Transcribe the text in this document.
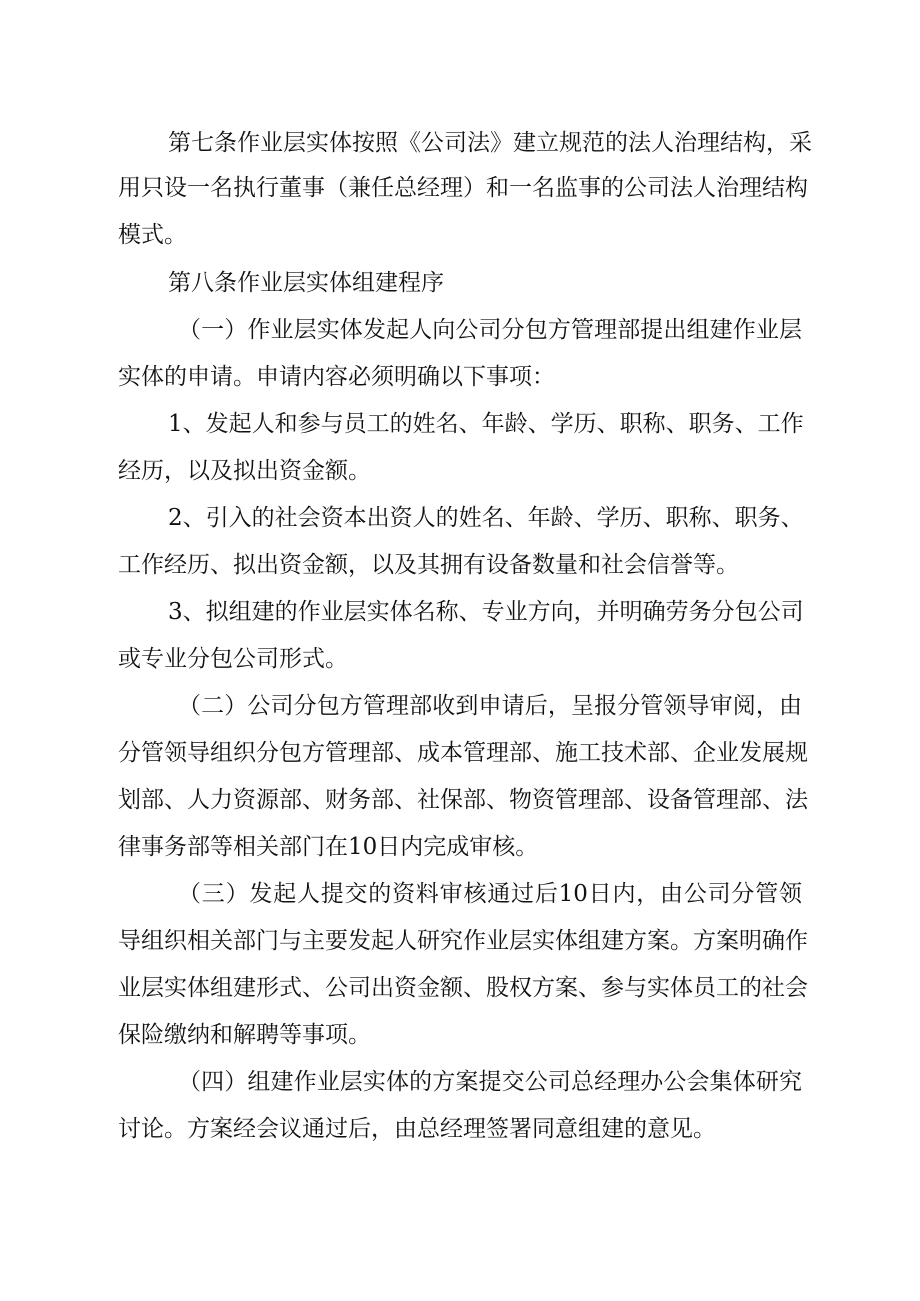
第七条作业层实体按照《公司法》建立规范的法人治理结构，采

用只设一名执行董事（兼任总经理）和一名监事的公司法人治理结构

模式。

第八条作业层实体组建程序

（一）作业层实体发起人向公司分包方管理部提出组建作业层

实体的申请。申请内容必须明确以下事项：

1、发起人和参与员工的姓名、年龄、学历、职称、职务、工作

经历，以及拟出资金额。

2、引入的社会资本出资人的姓名、年龄、学历、职称、职务、

工作经历、拟出资金额，以及其拥有设备数量和社会信誉等。

3、拟组建的作业层实体名称、专业方向，并明确劳务分包公司

或专业分包公司形式。

（二）公司分包方管理部收到申请后，呈报分管领导审阅，由

分管领导组织分包方管理部、成本管理部、施工技术部、企业发展规

划部、人力资源部、财务部、社保部、物资管理部、设备管理部、法

律事务部等相关部门在10日内完成审核。

（三）发起人提交的资料审核通过后10日内，由公司分管领

导组织相关部门与主要发起人研究作业层实体组建方案。方案明确作

业层实体组建形式、公司出资金额、股权方案、参与实体员工的社会

保险缴纳和解聘等事项。

（四）组建作业层实体的方案提交公司总经理办公会集体研究

讨论。方案经会议通过后，由总经理签署同意组建的意见。
